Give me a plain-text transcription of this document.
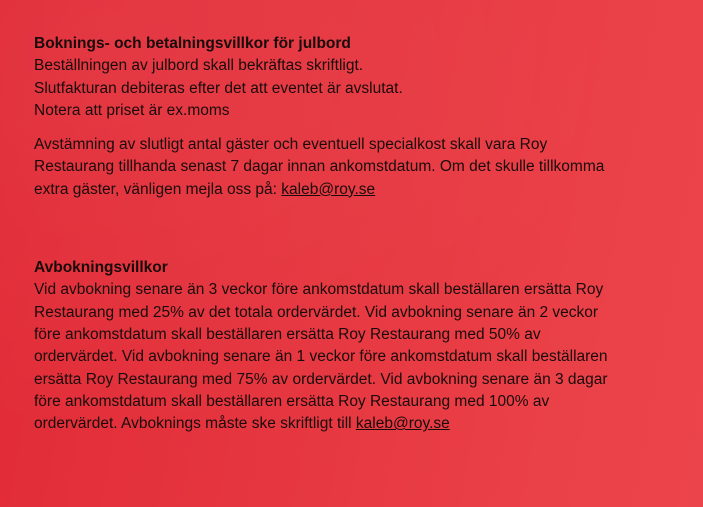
Boknings- och betalningsvillkor för julbord
Beställningen av julbord skall bekräftas skriftligt.
Slutfakturan debiteras efter det att eventet är avslutat.
Notera att priset är ex.moms
Avstämning av slutligt antal gäster och eventuell specialkost skall vara Roy
Restaurang tillhanda senast 7 dagar innan ankomstdatum. Om det skulle tillkomma
extra gäster, vänligen mejla oss på: kaleb@roy.se
Avbokningsvillkor
Vid avbokning senare än 3 veckor före ankomstdatum skall beställaren ersätta Roy
Restaurang med 25% av det totala ordervärdet. Vid avbokning senare än 2 veckor
före ankomstdatum skall beställaren ersätta Roy Restaurang med 50% av
ordervärdet. Vid avbokning senare än 1 veckor före ankomstdatum skall beställaren
ersätta Roy Restaurang med 75% av ordervärdet. Vid avbokning senare än 3 dagar
före ankomstdatum skall beställaren ersätta Roy Restaurang med 100% av
ordervärdet. Avboknings måste ske skriftligt till kaleb@roy.se
